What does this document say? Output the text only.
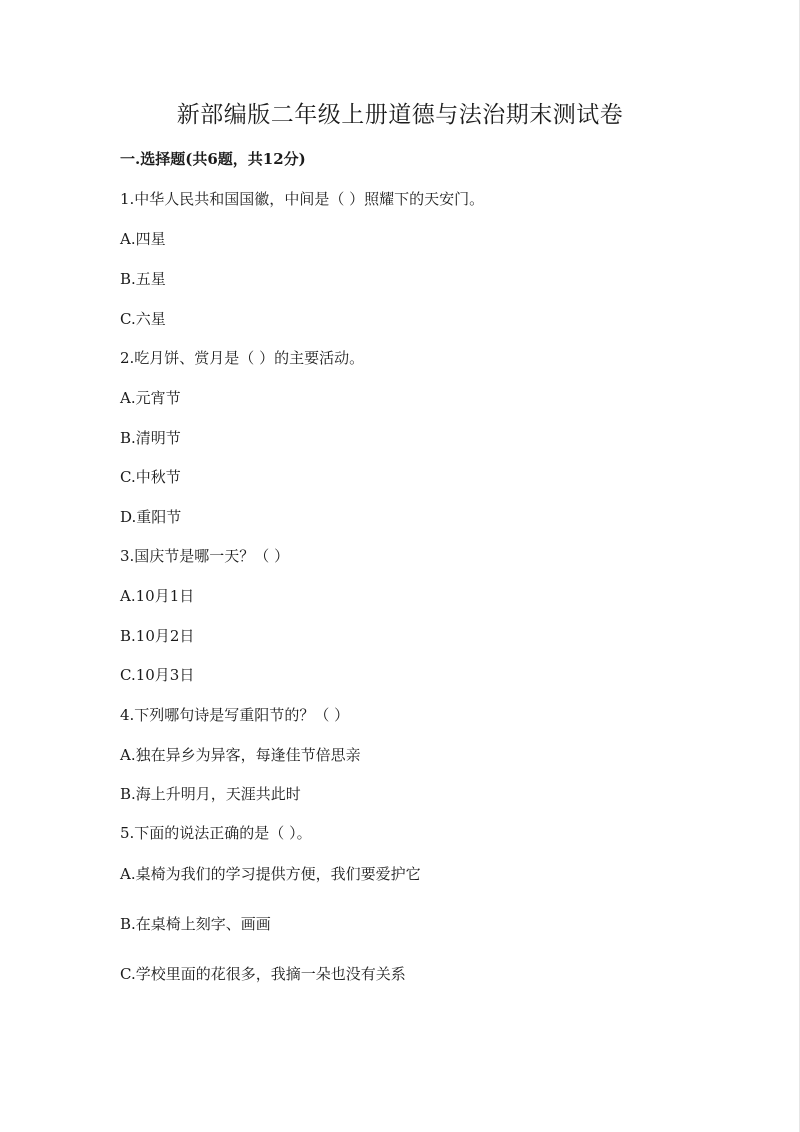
新部编版二年级上册道德与法治期末测试卷
一.选择题(共6题，共12分)
1.中华人民共和国国徽，中间是（ ）照耀下的天安门。
A.四星
B.五星
C.六星
2.吃月饼、赏月是（ ）的主要活动。
A.元宵节
B.清明节
C.中秋节
D.重阳节
3.国庆节是哪一天？（ ）
A.10月1日
B.10月2日
C.10月3日
4.下列哪句诗是写重阳节的？（ ）
A.独在异乡为异客，每逢佳节倍思亲
B.海上升明月，天涯共此时
5.下面的说法正确的是（ ）。
A.桌椅为我们的学习提供方便，我们要爱护它
B.在桌椅上刻字、画画
C.学校里面的花很多，我摘一朵也没有关系
